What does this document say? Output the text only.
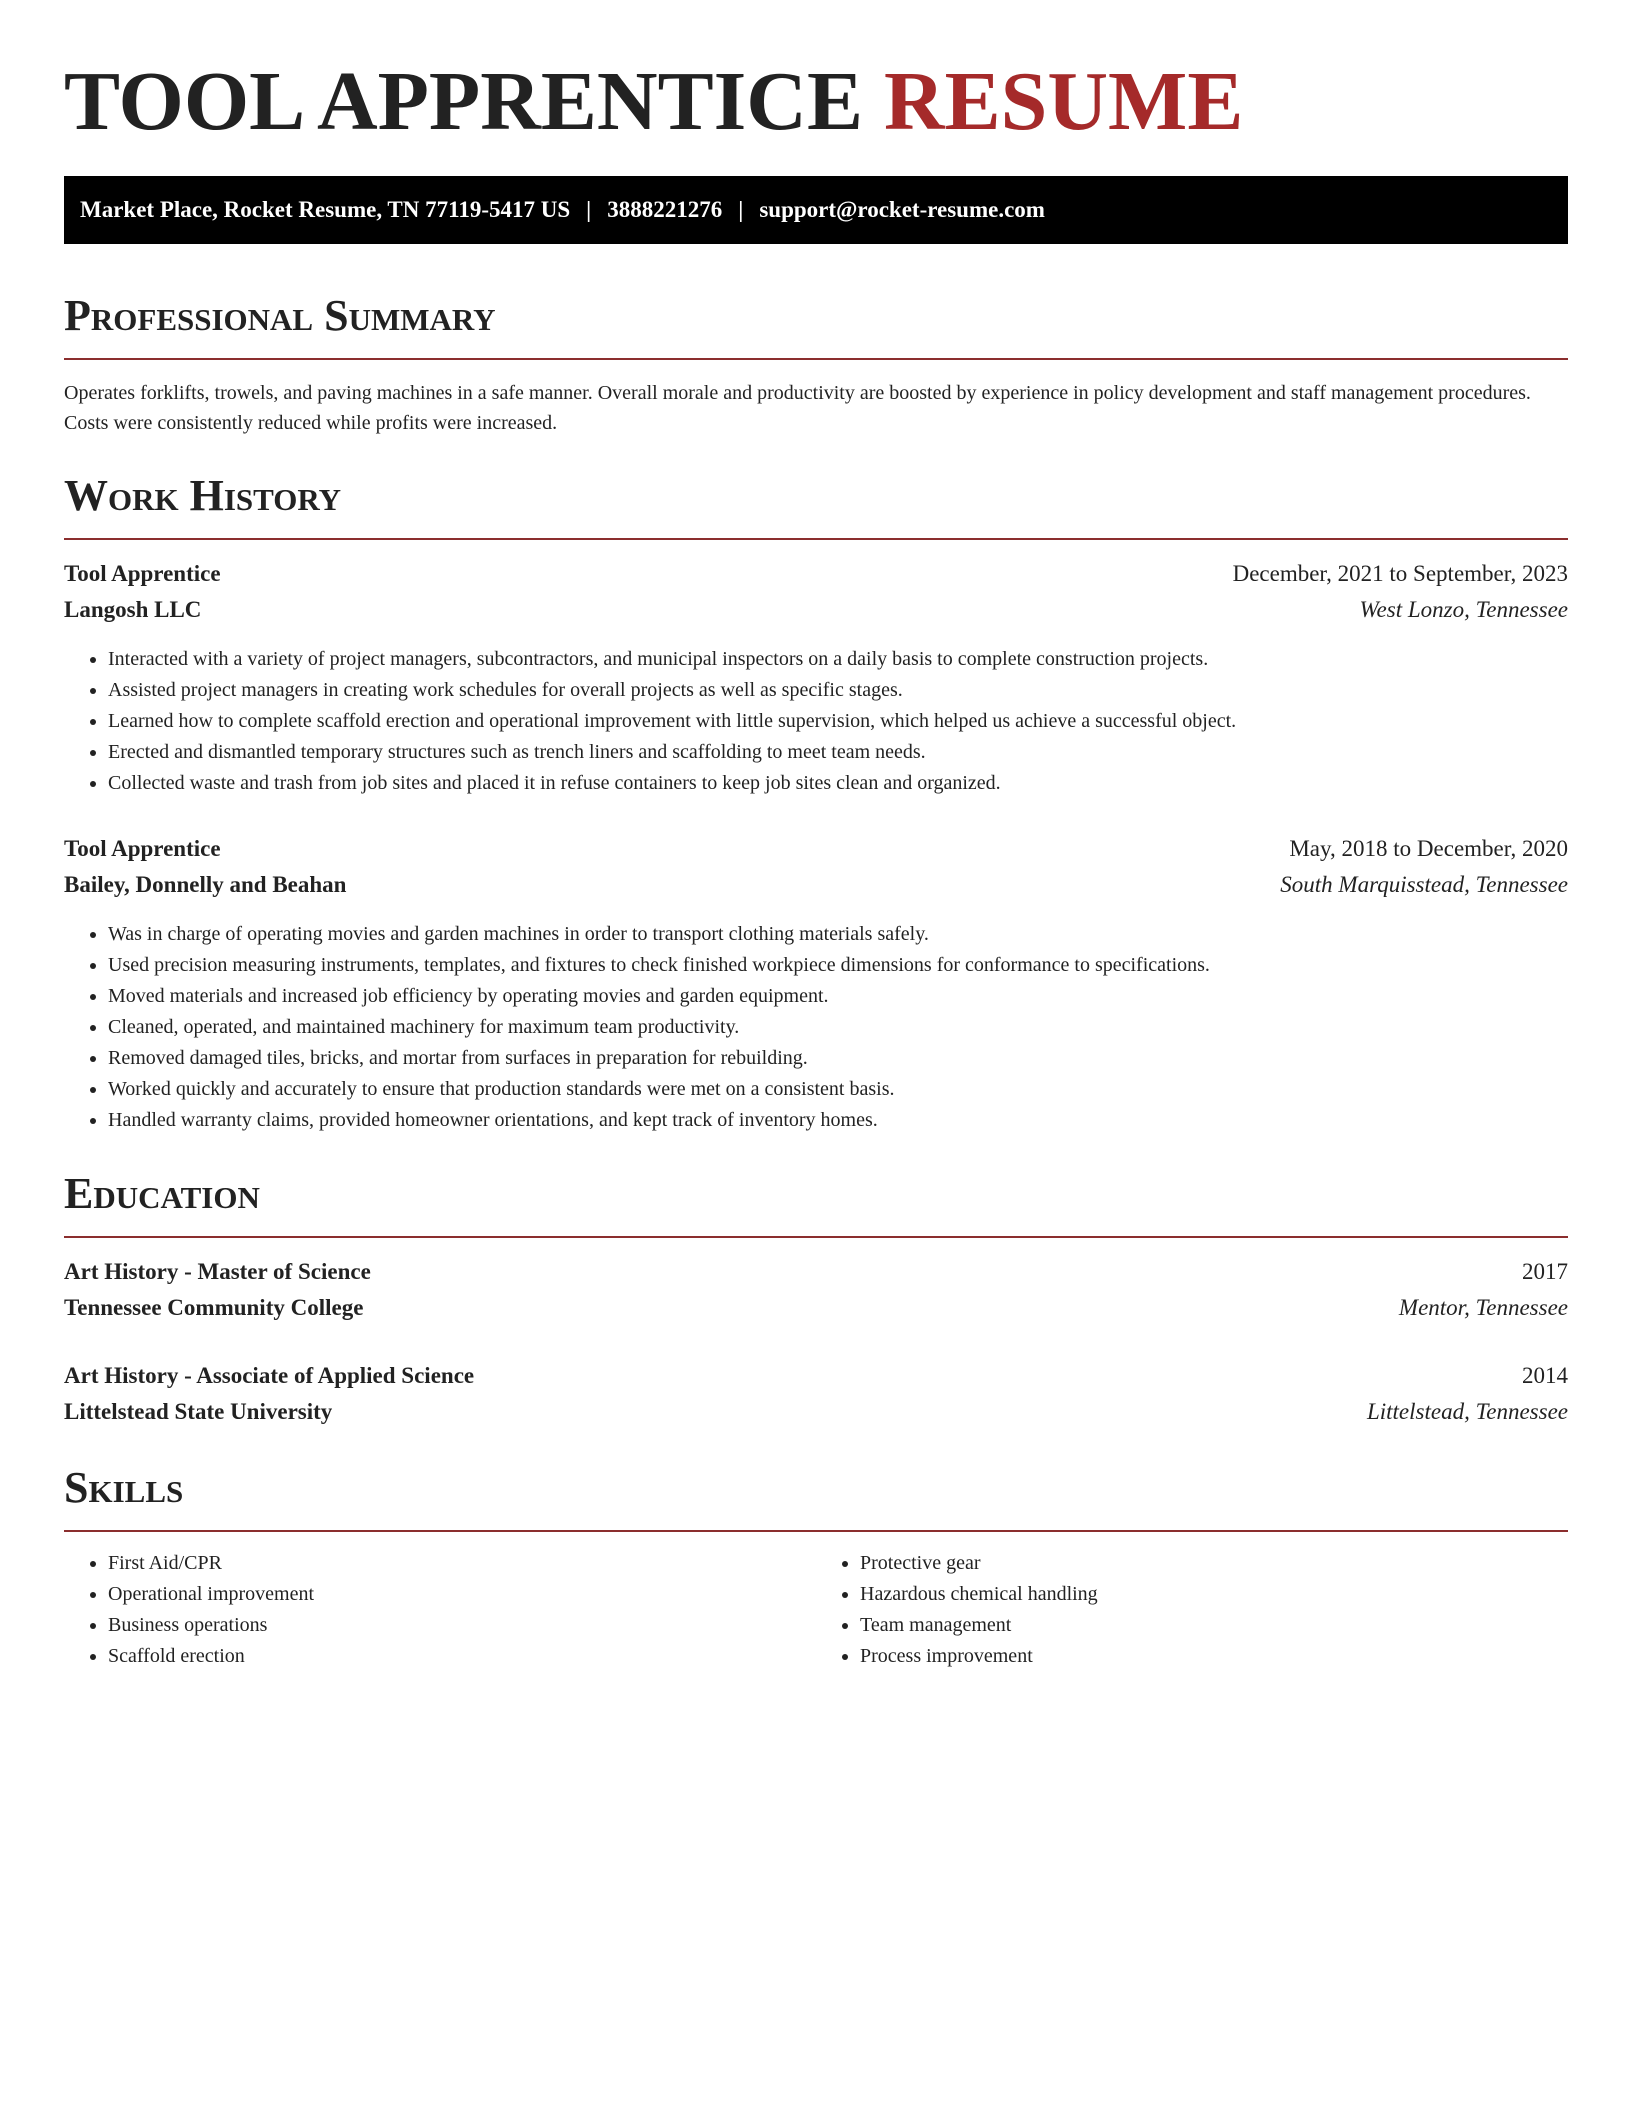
TOOL APPRENTICE RESUME
Market Place, Rocket Resume, TN 77119-5417 US | 3888221276 | support@rocket-resume.com
Professional Summary

Operates forklifts, trowels, and paving machines in a safe manner. Overall morale and productivity are boosted by experience in policy development and staff management procedures. Costs were consistently reduced while profits were increased.

Work History
Tool Apprentice	December, 2021 to September, 2023
Langosh LLC	West Lonzo, Tennessee
• Interacted with a variety of project managers, subcontractors, and municipal inspectors on a daily basis to complete construction projects.
• Assisted project managers in creating work schedules for overall projects as well as specific stages.
• Learned how to complete scaffold erection and operational improvement with little supervision, which helped us achieve a successful object.
• Erected and dismantled temporary structures such as trench liners and scaffolding to meet team needs.
• Collected waste and trash from job sites and placed it in refuse containers to keep job sites clean and organized.
Tool Apprentice	May, 2018 to December, 2020
Bailey, Donnelly and Beahan	South Marquisstead, Tennessee
• Was in charge of operating movies and garden machines in order to transport clothing materials safely.
• Used precision measuring instruments, templates, and fixtures to check finished workpiece dimensions for conformance to specifications.
• Moved materials and increased job efficiency by operating movies and garden equipment.
• Cleaned, operated, and maintained machinery for maximum team productivity.
• Removed damaged tiles, bricks, and mortar from surfaces in preparation for rebuilding.
• Worked quickly and accurately to ensure that production standards were met on a consistent basis.
• Handled warranty claims, provided homeowner orientations, and kept track of inventory homes.
Education
Art History - Master of Science	2017
Tennessee Community College	Mentor, Tennessee
Art History - Associate of Applied Science	2014
Littelstead State University	Littelstead, Tennessee
Skills
• First Aid/CPR
• Operational improvement
• Business operations
• Scaffold erection
• Protective gear
• Hazardous chemical handling
• Team management
• Process improvement
